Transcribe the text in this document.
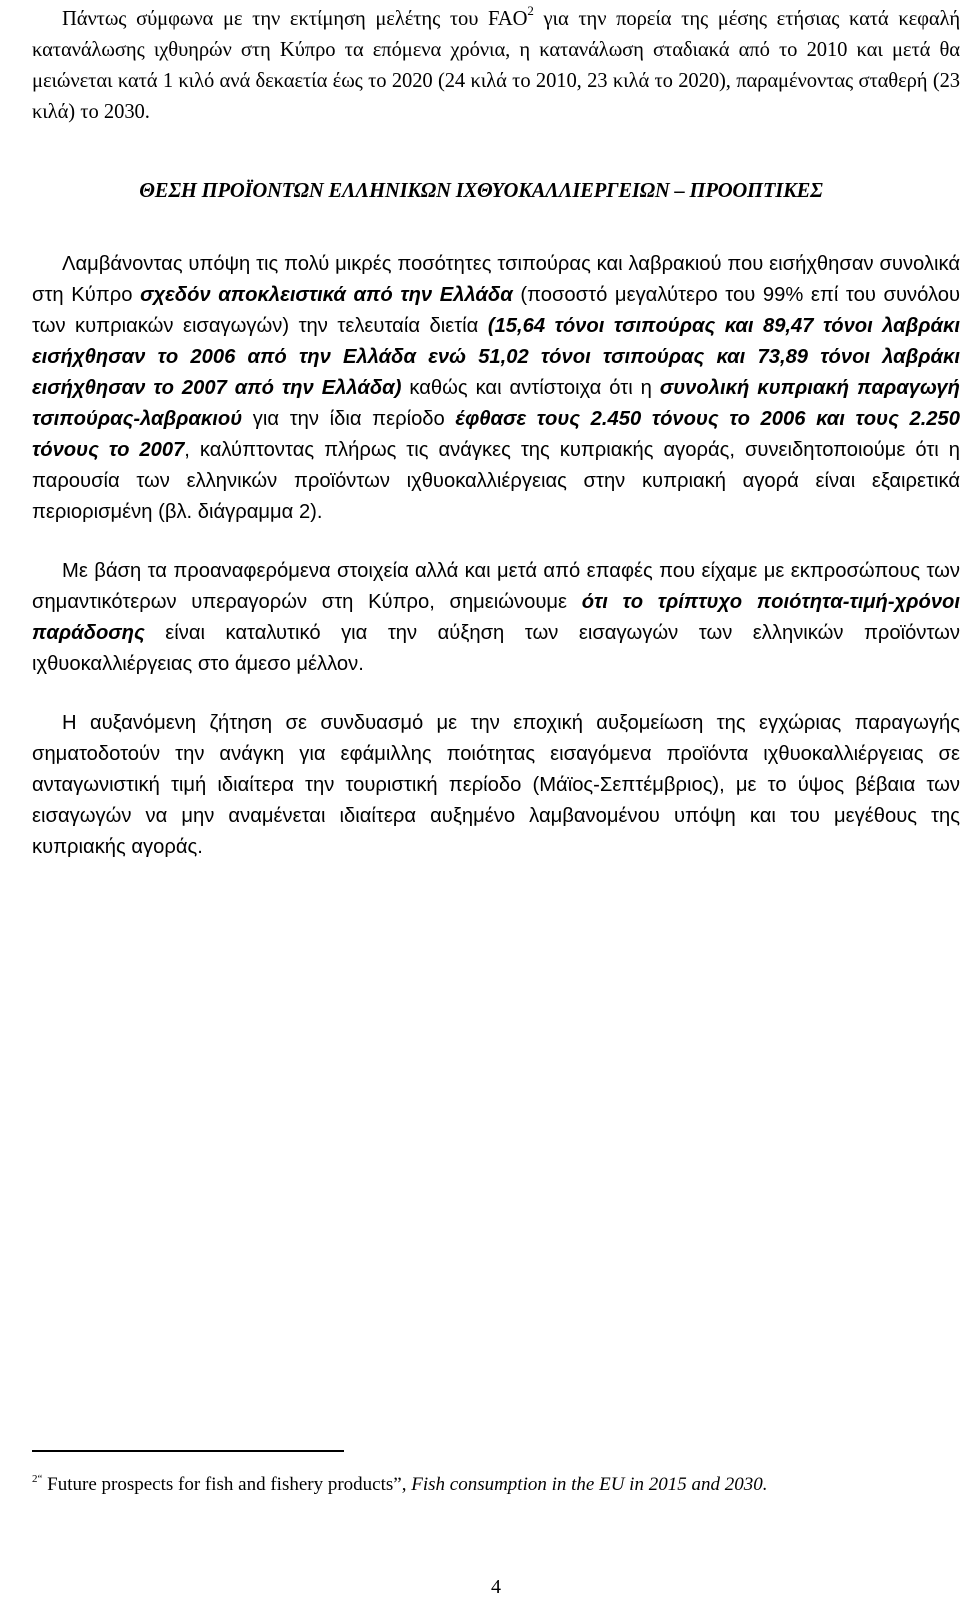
Πάντως σύμφωνα με την εκτίμηση μελέτης του FAO$^2$ για την πορεία της μέσης ετήσιας κατά κεφαλή κατανάλωσης ιχθυηρών στη Κύπρο τα επόμενα χρόνια, η κατανάλωση σταδιακά από το 2010 και μετά θα μειώνεται κατά 1 κιλό ανά δεκαετία έως το 2020 (24 κιλά το 2010, 23 κιλά το 2020), παραμένοντας σταθερή (23 κιλά) το 2030.

ΘΕΣΗ ΠΡΟΪΟΝΤΩΝ ΕΛΛΗΝΙΚΩΝ ΙΧΘΥΟΚΑΛΛΙΕΡΓΕΙΩΝ – ΠΡΟΟΠΤΙΚΕΣ

Λαμβάνοντας υπόψη τις πολύ μικρές ποσότητες τσιπούρας και λαβρακιού που εισήχθησαν συνολικά στη Κύπρο σχεδόν αποκλειστικά από την Ελλάδα (ποσοστό μεγαλύτερο του 99% επί του συνόλου των κυπριακών εισαγωγών) την τελευταία διετία (15,64 τόνοι τσιπούρας και 89,47 τόνοι λαβράκι εισήχθησαν το 2006 από την Ελλάδα ενώ 51,02 τόνοι τσιπούρας και 73,89 τόνοι λαβράκι εισήχθησαν το 2007 από την Ελλάδα) καθώς και αντίστοιχα ότι η συνολική κυπριακή παραγωγή τσιπούρας-λαβρακιού για την ίδια περίοδο έφθασε τους 2.450 τόνους το 2006 και τους 2.250 τόνους το 2007, καλύπτοντας πλήρως τις ανάγκες της κυπριακής αγοράς, συνειδητοποιούμε ότι η παρουσία των ελληνικών προϊόντων ιχθυοκαλλιέργειας στην κυπριακή αγορά είναι εξαιρετικά περιορισμένη (βλ. διάγραμμα 2).

Με βάση τα προαναφερόμενα στοιχεία αλλά και μετά από επαφές που είχαμε με εκπροσώπους των σημαντικότερων υπεραγορών στη Κύπρο, σημειώνουμε ότι το τρίπτυχο ποιότητα-τιμή-χρόνοι παράδοσης είναι καταλυτικό για την αύξηση των εισαγωγών των ελληνικών προϊόντων ιχθυοκαλλιέργειας στο άμεσο μέλλον.

Η αυξανόμενη ζήτηση σε συνδυασμό με την εποχική αυξομείωση της εγχώριας παραγωγής σηματοδοτούν την ανάγκη για εφάμιλλης ποιότητας εισαγόμενα προϊόντα ιχθυοκαλλιέργειας σε ανταγωνιστική τιμή ιδιαίτερα την τουριστική περίοδο (Μάϊος-Σεπτέμβριος), με το ύψος βέβαια των εισαγωγών να μην αναμένεται ιδιαίτερα αυξημένο λαμβανομένου υπόψη και του μεγέθους της κυπριακής αγοράς.

$^{2“}$ Future prospects for fish and fishery products”, Fish consumption in the EU in 2015 and 2030.

4
